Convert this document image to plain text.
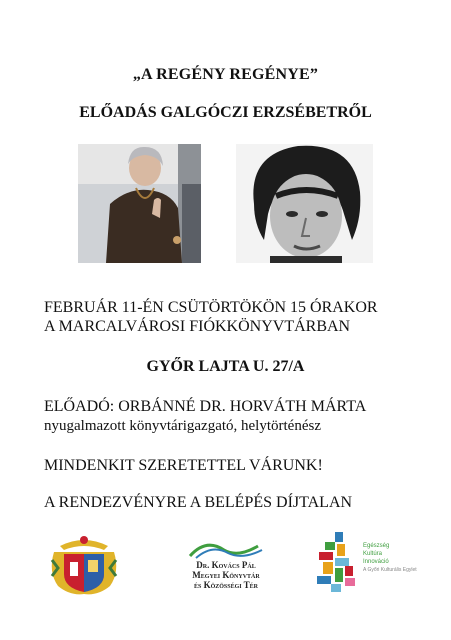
„A REGÉNY REGÉNYE”
ELŐADÁS GALGÓCZI ERZSÉBETRŐL
FEBRUÁR 11-ÉN CSÜTÖRTÖKÖN 15 ÓRAKOR
A MARCALVÁROSI FIÓKKÖNYVTÁRBAN
GYŐR LAJTA U. 27/A
ELŐADÓ: ORBÁNNÉ DR. HORVÁTH MÁRTA
nyugalmazott könyvtárigazgató, helytörténész
MINDENKIT SZERETETTEL VÁRUNK!
A RENDEZVÉNYRE A BELÉPÉS DÍJTALAN
Dr. Kovács Pál
Megyei Könyvtár
és Közösségi Tér
Egészség
Kultúra
Innováció
A Győri Kulturális Egylet
